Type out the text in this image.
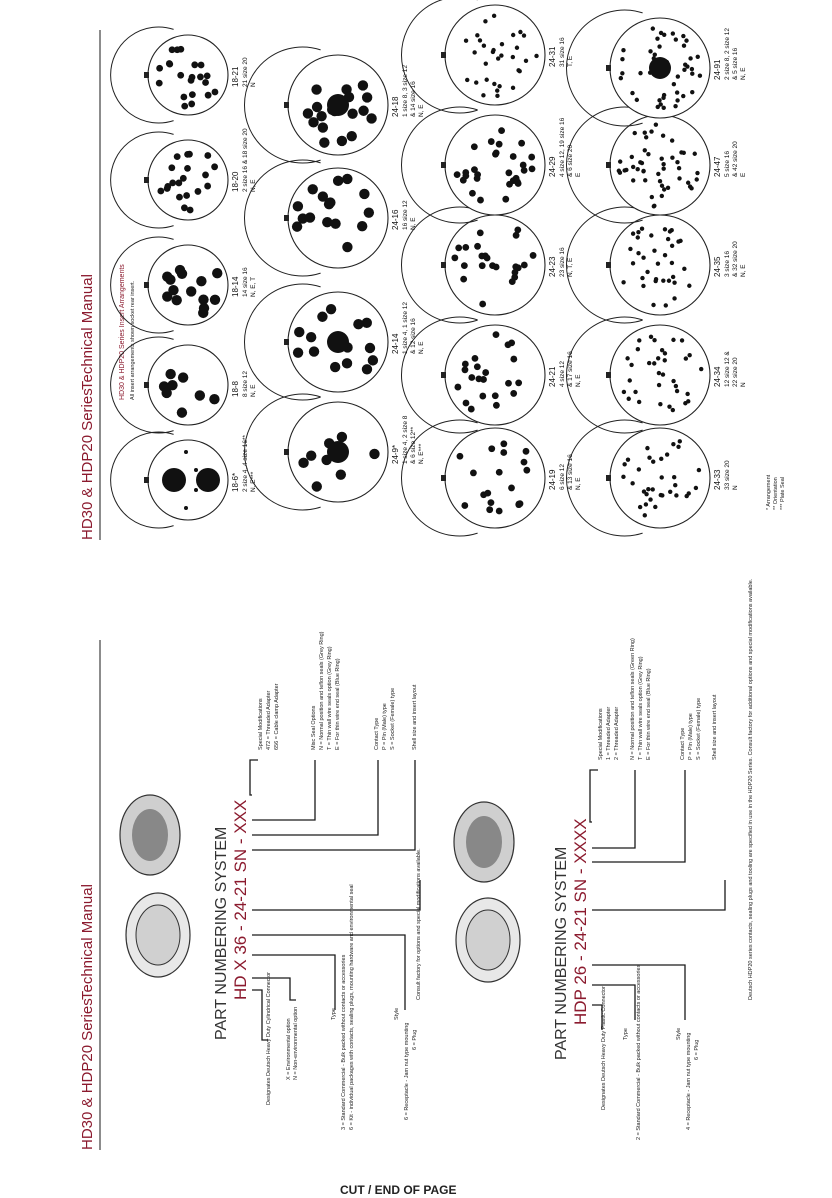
HD30 & HDP20 Series
Technical Manual	PART NUMBERING SYSTEM HD X 36 - 24-21 SN - XXX
Designates Deutsch Heavy Duty Cylindrical Connector	X = Environmental option N = Non-environmental option	Type 3 = Standard Commercial - Bulk packed without contacts or accessories 6 = Kit - individual packages with contacts, sealing plugs, mounting hardware and environmental seal	Style
6 = Receptacle - Jam nut type mounting 6 = Plug
Consult factory for options and special modifications available.
Special Modifications 472 = Threaded Adapter 656 = Cable clamp Adapter	Misc Seal Options N = Normal position and teflon seals (Grey Ring) T = Thin wall wire seals option (Grey Ring) E = For thin wire end seal (Blue Ring)	Contact Type P = Pin (Male) type S = Socket (Female) type	Shell size and insert layout
PART NUMBERING SYSTEM HDP 26 - 24-21 SN - XXXX
Designates Deutsch Heavy Duty Plastic Connector	Type 2 = Standard Commercial - Bulk packed without contacts or accessories	Style 4 = Receptacle - Jam nut type mounting 6 = Plug
Special Modifications 1 = Threaded Adapter 2 = Threaded Adapter N = Normal position and teflon seals (Green Ring) T = Thin wall wire seals option (Grey Ring) E = For thin wire end seal (Blue Ring)	Contact Type P = Pin (Male) type S = Socket (Female) type Shell size and insert layout	Deutsch HDP20 series contacts, sealing plugs and tooling are specified in use in the HDP20 Series. Consult factory for additional options and special modifications available.
HD30 & HDP20 Series
Technical Manual	HD30 & HDP20 Series Insert Arrangements All insert arrangements shown socket rear insert.
18-6* 2 size 4, 4 size 16** N, E***
18-8 8 size 12 N, E
18-14 14 size 16 N, E, T
18-20 2 size 16 & 18 size 20 N, E
18-21 21 size 20 N
24-9* 1 size 4, 2 size 8 & 6 size 12** N, E***
24-14 1 size 4, 1 size 12 & 12 size 16 N, E
24-16 16 size 12 N, E
24-18 1 size 8, 3 size 12 & 14 size 16 N, E
24-19 6 size 12 & 13 size 16 N, E
24-21 4 size 12 & 17 size 16 N, E
24-23 23 size 16 N, T, E
24-29 4 size 12, 19 size 16 & 6 size 20 E
24-31 31 size 16 T, E
24-33 33 size 20 N
24-34 12 size 12 & 22 size 20 N
24-35 3 size 16 & 32 size 20 N, E
24-47 5 size 16 & 42 size 20 E
24-91 2 size 8, 2 size 12 & 5 size 16 N, E
* Arrangement ** Orientation *** Plate Seal
CUT / END OF PAGE
